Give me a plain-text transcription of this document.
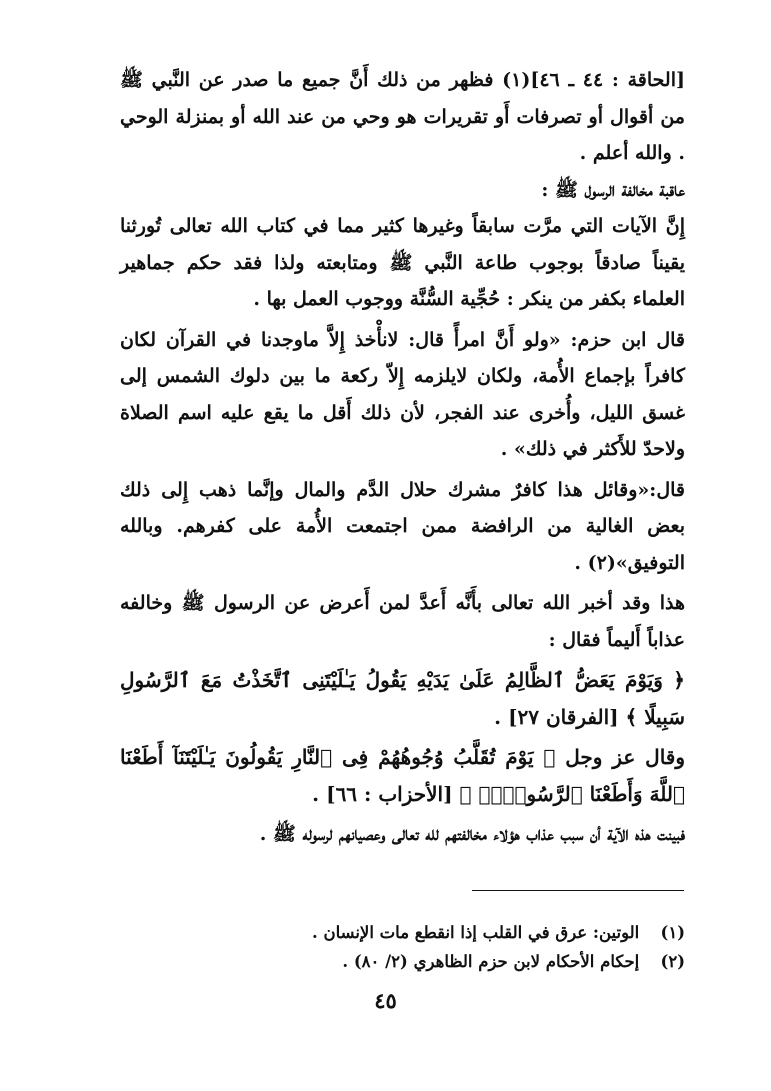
[الحاقة : ٤٤ ـ ٤٦](١) فظهر من ذلك أَنَّ جميع ما صدر عن النَّبي ﷺ من أقوال أو تصرفات أَو تقريرات هو وحي من عند الله أو بمنزلة الوحي . والله أعلم .

عاقبة مخالفة الرسول ﷺ :

إِنَّ الآيات التي مرَّت سابقاً وغيرها كثير مما في كتاب الله تعالى تُورثنا يقيناً صادقاً بوجوب طاعة النَّبي ﷺ ومتابعته ولذا فقد حكم جماهير العلماء بكفر من ينكر : حُجِّية السُّنَّة ووجوب العمل بها .

قال ابن حزم: «ولو أَنَّ امرأً قال: لانأْخذ إِلاَّ ماوجدنا في القرآن لكان كافراً بإجماع الأُمة، ولكان لايلزمه إِلاّ ركعة ما بين دلوك الشمس إلى غسق الليل، وأُخرى عند الفجر، لأن ذلك أَقل ما يقع عليه اسم الصلاة ولاحدّ للأَكثر في ذلك» .

قال:«وقائل هذا كافرٌ مشرك حلال الدَّم والمال وإنَّما ذهب إِلى ذلك بعض الغالية من الرافضة ممن اجتمعت الأُمة على كفرهم. وبالله التوفيق»(٢) .

هذا وقد أخبر الله تعالى بأَنَّه أَعدَّ لمن أَعرض عن الرسول ﷺ وخالفه عذاباً أَليماً فقال :

﴿ وَيَوْمَ يَعَضُّ ٱلظَّالِمُ عَلَىٰ يَدَيْهِ يَقُولُ يَـٰلَيْتَنِى ٱتَّخَذْتُ مَعَ ٱلرَّسُولِ سَبِيلًا ﴾ [الفرقان ٢٧] .

وقال عز وجل ﴿ يَوْمَ تُقَلَّبُ وُجُوهُهُمْ فِى ٱلنَّارِ يَقُولُونَ يَـٰلَيْتَنَآ أَطَعْنَا ٱللَّهَ وَأَطَعْنَا ٱلرَّسُولَا۠ ﴾ [الأحزاب : ٦٦] .

فبينت هذه الآية أن سبب عذاب هؤلاء مخالفتهم لله تعالى وعصيانهم لرسوله ﷺ .

(١) الوتين: عرق في القلب إذا انقطع مات الإنسان .

(٢) إحكام الأحكام لابن حزم الظاهري (٢/ ٨٠) .

٤٥
